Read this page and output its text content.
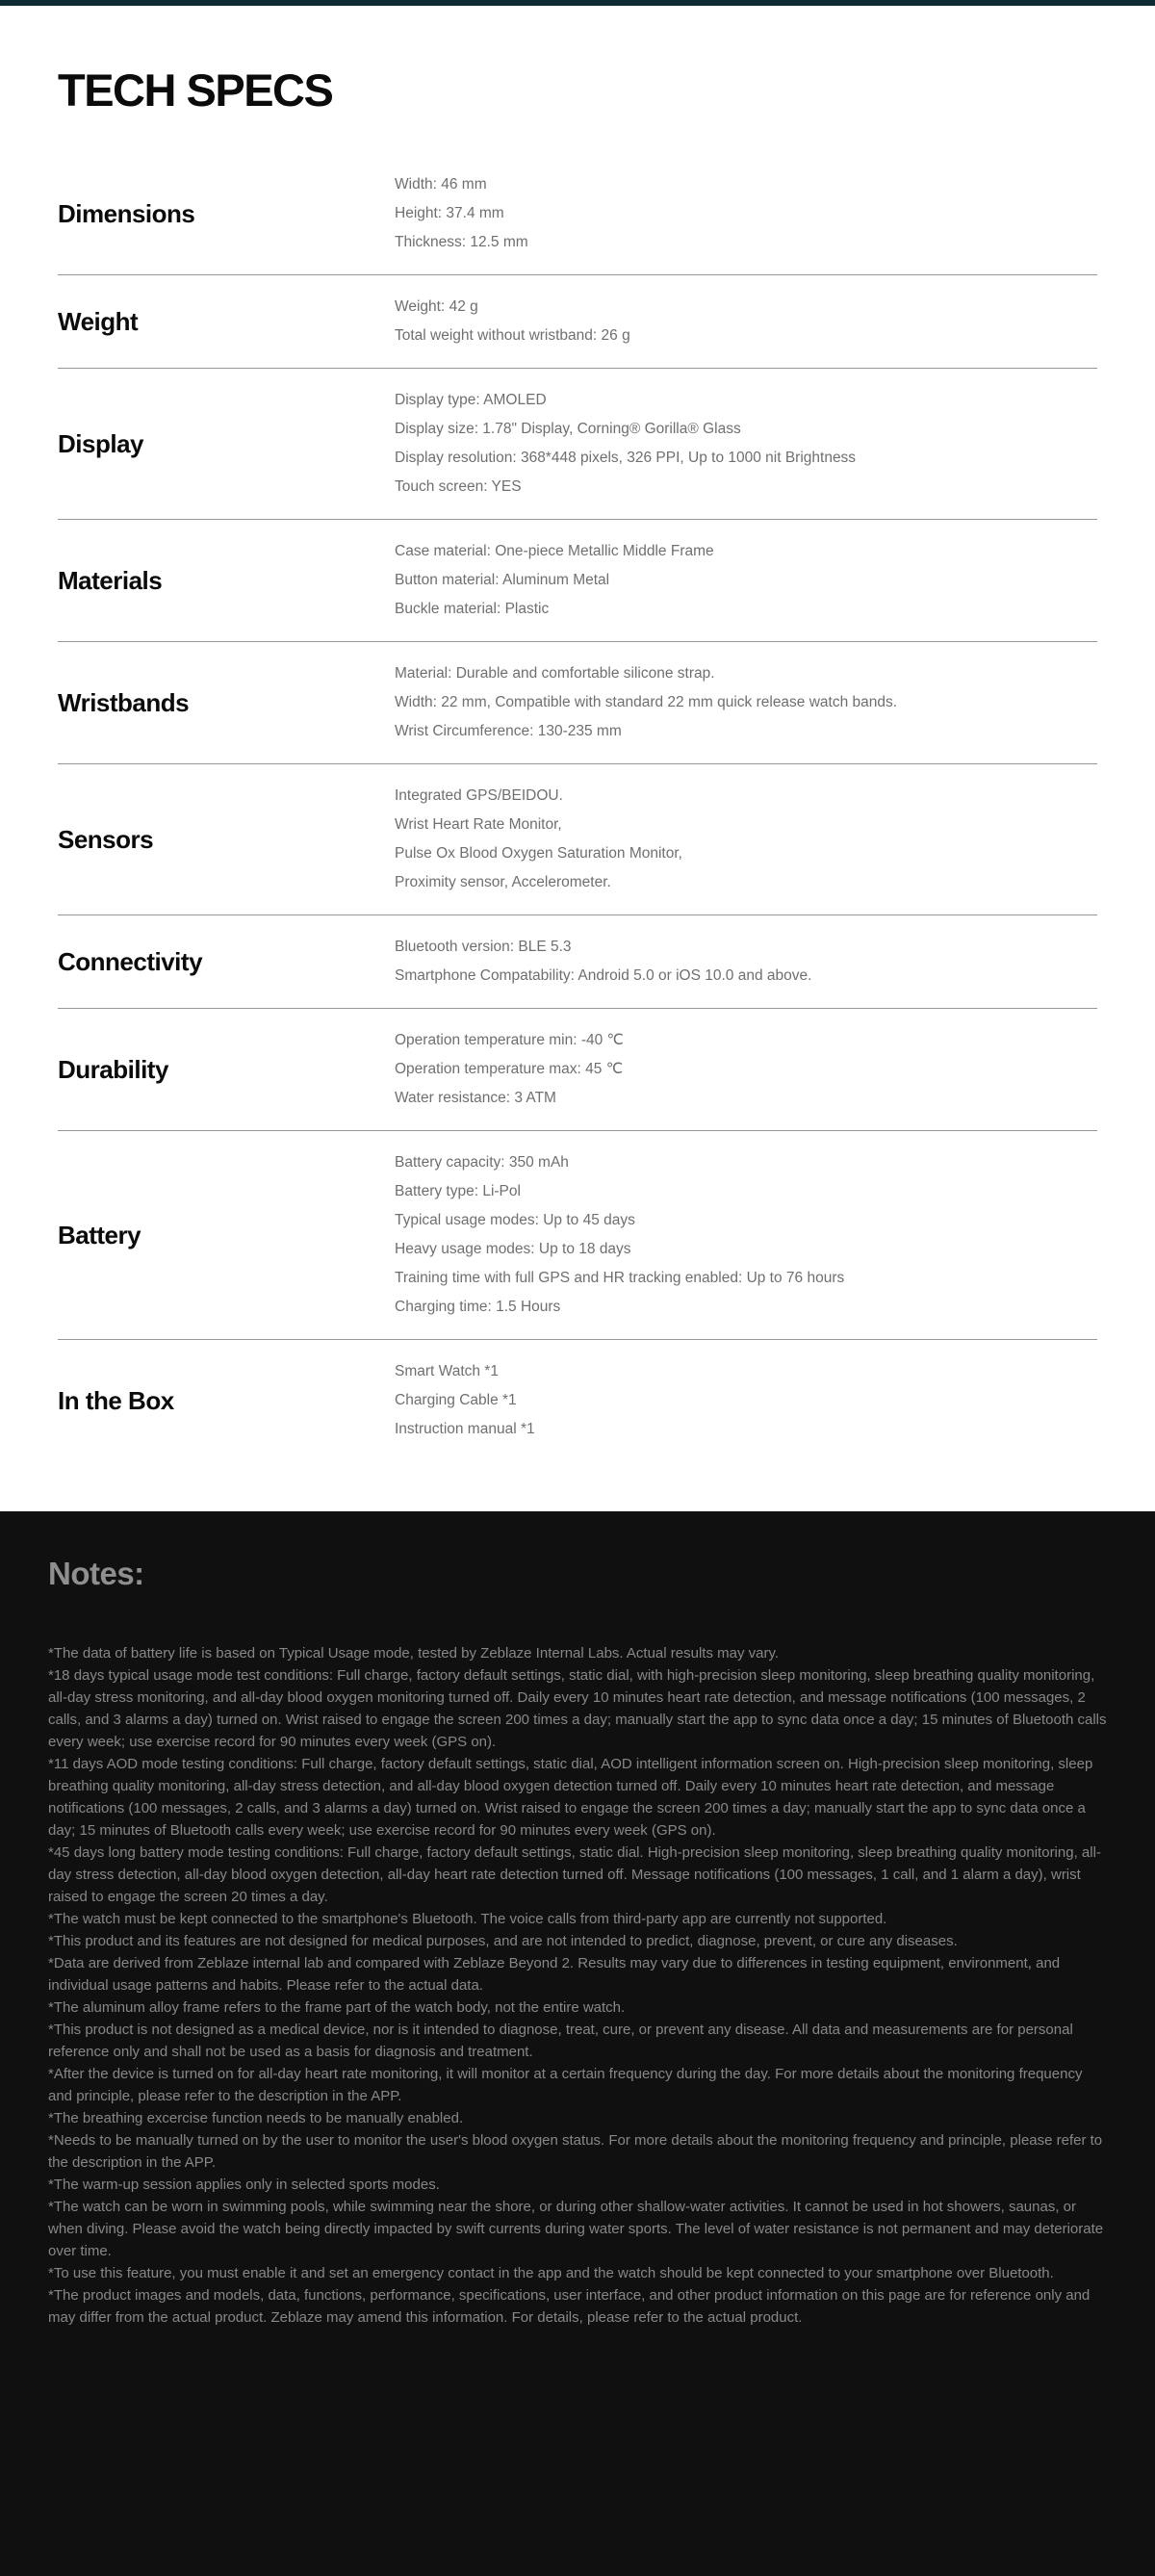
TECH SPECS
Dimensions
Width: 46 mm
Height: 37.4 mm
Thickness: 12.5 mm
Weight	Weight: 42 g
Total weight without wristband: 26 g
Display
Display type: AMOLED
Display size: 1.78" Display, Corning® Gorilla® Glass
Display resolution: 368*448 pixels, 326 PPI, Up to 1000 nit Brightness
Touch screen: YES
Materials
Case material: One-piece Metallic Middle Frame
Button material: Aluminum Metal
Buckle material: Plastic
Wristbands
Material: Durable and comfortable silicone strap.
Width: 22 mm, Compatible with standard 22 mm quick release watch bands.
Wrist Circumference: 130-235 mm
Sensors
Integrated GPS/BEIDOU.
Wrist Heart Rate Monitor,
Pulse Ox Blood Oxygen Saturation Monitor,
Proximity sensor, Accelerometer.
Connectivity	Bluetooth version: BLE 5.3
Smartphone Compatability: Android 5.0 or iOS 10.0 and above.
Durability
Operation temperature min: -40 ℃
Operation temperature max: 45 ℃
Water resistance: 3 ATM
Battery
Battery capacity: 350 mAh
Battery type: Li-Pol
Typical usage modes: Up to 45 days
Heavy usage modes: Up to 18 days
Training time with full GPS and HR tracking enabled: Up to 76 hours
Charging time: 1.5 Hours
In the Box
Smart Watch *1
Charging Cable *1
Instruction manual *1
Notes:

*The data of battery life is based on Typical Usage mode, tested by Zeblaze Internal Labs. Actual results may vary.

*18 days typical usage mode test conditions: Full charge, factory default settings, static dial, with high-precision sleep monitoring, sleep breathing quality monitoring, all-day stress monitoring, and all-day blood oxygen monitoring turned off. Daily every 10 minutes heart rate detection, and message notifications (100 messages, 2 calls, and 3 alarms a day) turned on. Wrist raised to engage the screen 200 times a day; manually start the app to sync data once a day; 15 minutes of Bluetooth calls every week; use exercise record for 90 minutes every week (GPS on).

*11 days AOD mode testing conditions: Full charge, factory default settings, static dial, AOD intelligent information screen on. High-precision sleep monitoring, sleep breathing quality monitoring, all-day stress detection, and all-day blood oxygen detection turned off. Daily every 10 minutes heart rate detection, and message notifications (100 messages, 2 calls, and 3 alarms a day) turned on. Wrist raised to engage the screen 200 times a day; manually start the app to sync data once a day; 15 minutes of Bluetooth calls every week; use exercise record for 90 minutes every week (GPS on).

*45 days long battery mode testing conditions: Full charge, factory default settings, static dial. High-precision sleep monitoring, sleep breathing quality monitoring, all-day stress detection, all-day blood oxygen detection, all-day heart rate detection turned off. Message notifications (100 messages, 1 call, and 1 alarm a day), wrist raised to engage the screen 20 times a day.

*The watch must be kept connected to the smartphone's Bluetooth. The voice calls from third-party app are currently not supported.

*This product and its features are not designed for medical purposes, and are not intended to predict, diagnose, prevent, or cure any diseases.

*Data are derived from Zeblaze internal lab and compared with Zeblaze Beyond 2. Results may vary due to differences in testing equipment, environment, and individual usage patterns and habits. Please refer to the actual data.

*The aluminum alloy frame refers to the frame part of the watch body, not the entire watch.

*This product is not designed as a medical device, nor is it intended to diagnose, treat, cure, or prevent any disease. All data and measurements are for personal reference only and shall not be used as a basis for diagnosis and treatment.

*After the device is turned on for all-day heart rate monitoring, it will monitor at a certain frequency during the day. For more details about the monitoring frequency and principle, please refer to the description in the APP.

*The breathing excercise function needs to be manually enabled.

*Needs to be manually turned on by the user to monitor the user's blood oxygen status. For more details about the monitoring frequency and principle, please refer to the description in the APP.

*The warm-up session applies only in selected sports modes.

*The watch can be worn in swimming pools, while swimming near the shore, or during other shallow-water activities. It cannot be used in hot showers, saunas, or when diving. Please avoid the watch being directly impacted by swift currents during water sports. The level of water resistance is not permanent and may deteriorate over time.

*To use this feature, you must enable it and set an emergency contact in the app and the watch should be kept connected to your smartphone over Bluetooth.

*The product images and models, data, functions, performance, specifications, user interface, and other product information on this page are for reference only and may differ from the actual product. Zeblaze may amend this information. For details, please refer to the actual product.
